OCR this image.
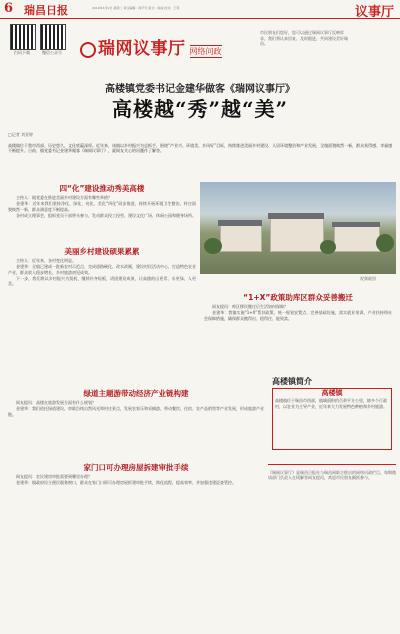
6 瑞昌日报	2019年4月9日 星期二 责任编辑：徐平芳 版式：杨丽 校对：王莉	议事厅
扫码下载	微信公众号	瑞网议事厅 网络问政
市民朋友们您好，您可以通过瑞网议事厅反映诉求，我们将认真回复、及时跟进，共同建设美好瑞昌。
高楼镇党委书记金建华做客《瑞网议事厅》
高楼越“秀”越“美”
□记者 刘亚婷
高楼镇位于我市西部，历史悠久，文化底蕴深厚。近年来，该镇以乡村振兴为总抓手，围绕“产业兴、环境美、乡风好”目标，持续推进美丽乡村建设、人居环境整治和产业发展，全镇面貌焕然一新，群众获得感、幸福感不断提升。日前，镇党委书记金建华做客《瑞网议事厅》，就网友关心的问题作了解答。
四“化”建设推动秀美高楼

主持人：镇党委在推进美丽乡村建设方面有哪些举措？

金建华：近年来我们坚持净化、绿化、亮化、美化“四化”同步推进，持续开展环境卫生整治，村庄面貌焕然一新，群众满意度不断提高。

各村成立理事会，组织党员干部带头参与，发动群众投工投劳，建设文化广场、休闲公园和健身场所。

视频截图
美丽乡村建设硕果累累

主持人：近年来，各村变化明显。

金建华：全镇已建成一批新农村示范点，完成道路硬化、改水改厕，建设村民活动中心，打造特色农业产业，群众收入稳步增长，乡村旅游初见成效。

下一步，我们将以乡村振兴为契机，继续补齐短板，巩固建设成果，让高楼的山更青、水更绿、人更美。

“1+X”政策助库区群众妥善搬迁

网友提问：库区移民搬迁后生活如何保障？

金建华：我镇实施“1+X”帮扶政策，统一规划安置点，完善基础设施，落实就业培训、产业扶持和社会保障措施，确保群众搬得出、稳得住、能致富。

绿道主题游带动经济产业链构建

网友提问：高楼在旅游发展方面有什么规划？

金建华：我们依托绿道建设，串联沿线自然风光和村庄景点，发展农家乐和采摘游，带动餐饮、住宿、农产品销售等产业发展，形成旅游产业链。

家门口可办理房屋拆建审批手续

网友提问：农民建房审批需要到哪里办理？

金建华：镇政府设立便民服务窗口，群众在家门口即可办理房屋拆建审批手续，简化流程，提高效率，并加强违建巡查管控。

高楼镇简介
高楼镇
高楼镇位于瑞昌市西部，镇域面积约百余平方公里，辖多个行政村，以农业为主导产业，近年来大力发展特色种植和乡村旅游。
《瑞网议事厅》是瑞昌日报社与瑞昌网联合推出的网络问政栏目，每期邀请部门负责人在线解答网友提问，欢迎市民朋友踊跃参与。
